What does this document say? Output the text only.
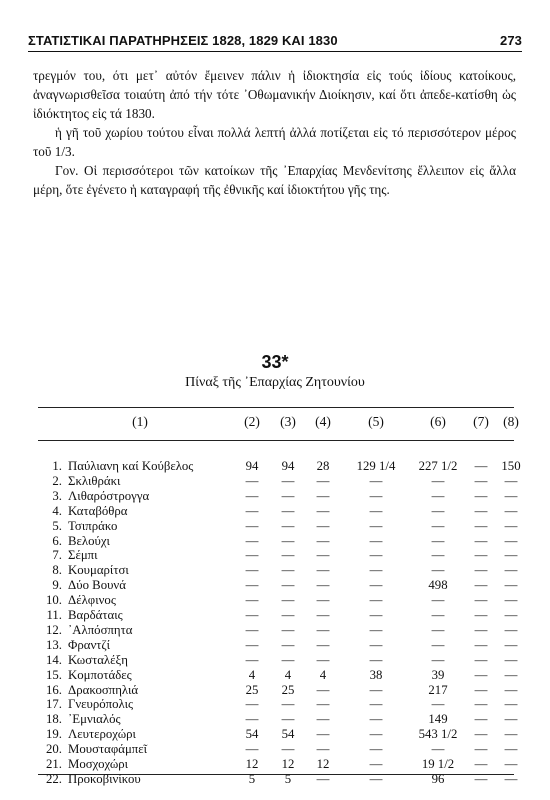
ΣΤΑΤΙΣΤΙΚΑΙ ΠΑΡΑΤΗΡΗΣΕΙΣ 1828, 1829 ΚΑΙ 1830	273

τρεγμόν του, ότι μετ᾽ αὐτόν ἔμεινεν πάλιν ἡ ἰδιοκτησία εἰς τούς ἰδίους κατοίκους, ἀναγνωρισθεῖσα τοιαύτη ἀπό τήν τότε ᾽Οθωμανικήν Διοίκησιν, καί ὅτι ἀπεδε-κατίσθη ὡς ἰδιόκτητος εἰς τά 1830.

ἡ γῆ τοῦ χωρίου τούτου εἶναι πολλά λεπτή ἀλλά ποτίζεται εἰς τό περισσότερον μέρος τοῦ 1/3.

Γον. Οἱ περισσότεροι τῶν κατοίκων τῆς ᾽Επαρχίας Μενδενίτσης ἔλλειπον εἰς ἄλλα μέρη, ὅτε ἐγένετο ἡ καταγραφή τῆς ἐθνικῆς καί ἰδιοκτήτου γῆς της.

33*
Πίναξ τῆς ᾽Επαρχίας Ζητουνίου
(1)	(2)	(3)	(4)	(5)	(6)	(7)	(8)
1. Παύλιανη καί Κούβελος	94	94	28	129 1/4	227 1/2	—	150
2. Σκλιθράκι	—	—	—	—	—	—	—
3. Λιθαρόστρογγα	—	—	—	—	—	—	—
4. Καταβόθρα	—	—	—	—	—	—	—
5. Τσιπράκο	—	—	—	—	—	—	—
6. Βελούχι	—	—	—	—	—	—	—
7. Σέμπι	—	—	—	—	—	—	—
8. Κουμαρίτσι	—	—	—	—	—	—	—
9. Δύο Βουνά	—	—	—	—	498	—	—
10. Δέλφινος	—	—	—	—	—	—	—
11. Βαρδάταις	—	—	—	—	—	—	—
12. ᾽Αλπόσπητα	—	—	—	—	—	—	—
13. Φραντζί	—	—	—	—	—	—	—
14. Κωσταλέξη	—	—	—	—	—	—	—
15. Κομποτάδες	4	4	4	38	39	—	—
16. Δρακοσπηλιά	25	25	—	—	217	—	—
17. Γνευρόπολις	—	—	—	—	—	—	—
18. ᾽Εμνιαλός	—	—	—	—	149	—	—
19. Λευτεροχώρι	54	54	—	—	543 1/2	—	—
20. Μουσταφάμπεῖ	—	—	—	—	—	—	—
21. Μοσχοχώρι	12	12	12	—	19 1/2	—	—
22. Προκοβινίκου	5	5	—	—	96	—	—
